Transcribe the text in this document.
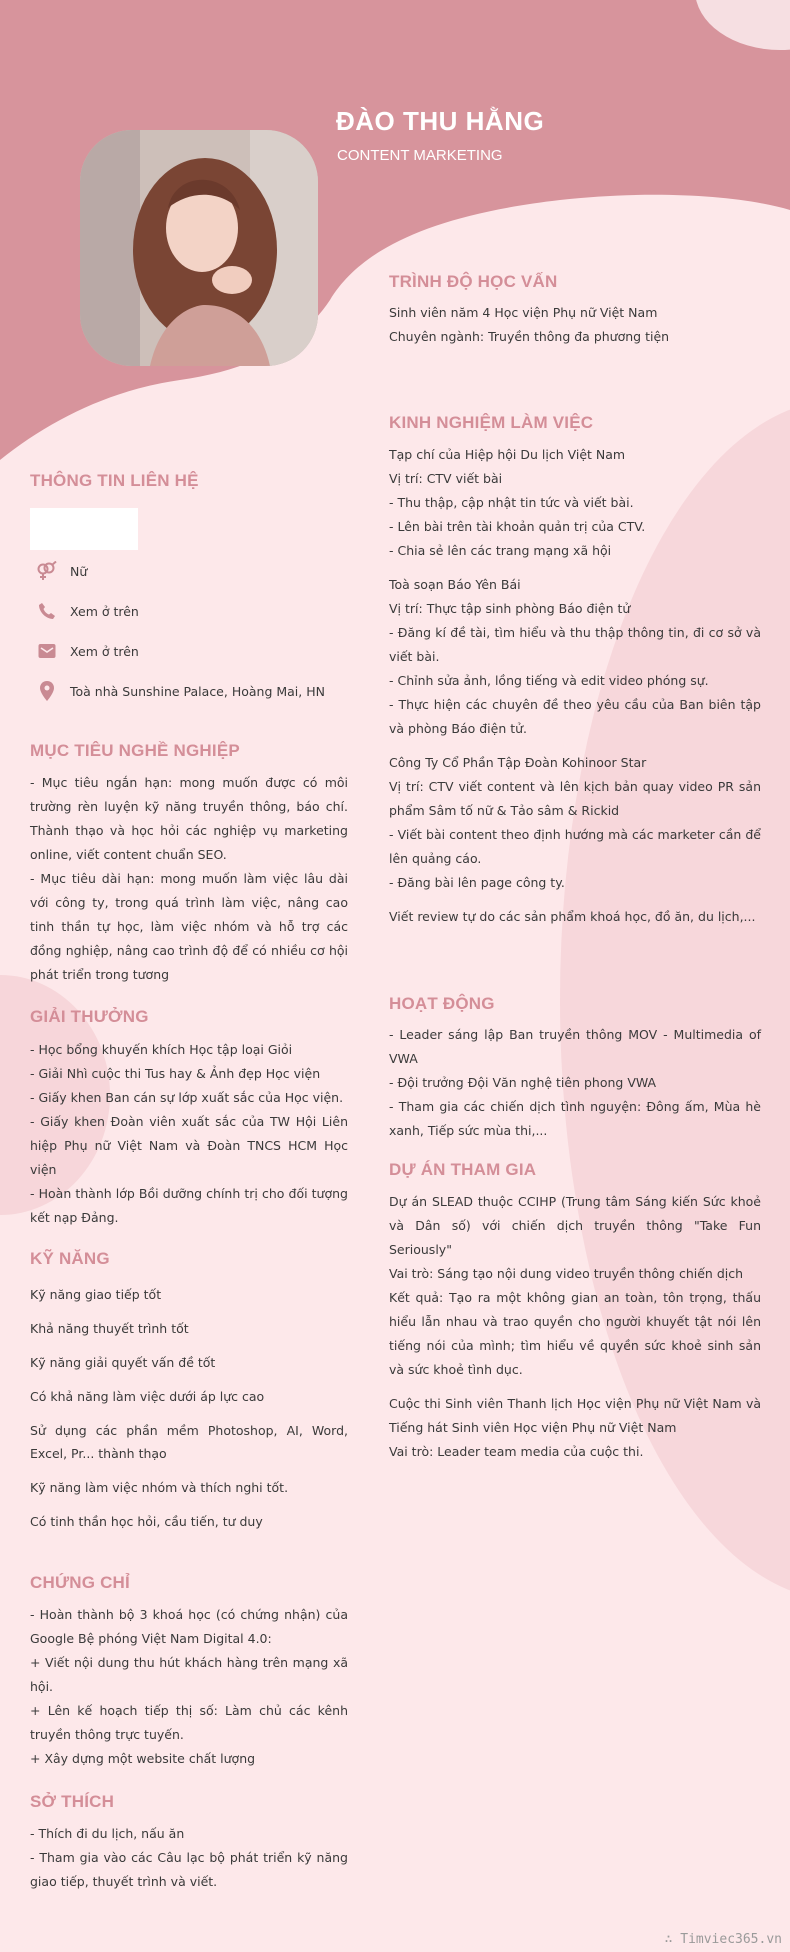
ĐÀO THU HẰNG
CONTENT MARKETING
THÔNG TIN LIÊN HỆ
Nữ
Xem ở trên
Xem ở trên
Toà nhà Sunshine Palace, Hoàng Mai, HN
MỤC TIÊU NGHỀ NGHIỆP

- Mục tiêu ngắn hạn: mong muốn được có môi trường rèn luyện kỹ năng truyền thông, báo chí. Thành thạo và học hỏi các nghiệp vụ marketing online, viết content chuẩn SEO.

- Mục tiêu dài hạn: mong muốn làm việc lâu dài với công ty, trong quá trình làm việc, nâng cao tinh thần tự học, làm việc nhóm và hỗ trợ các đồng nghiệp, nâng cao trình độ để có nhiều cơ hội phát triển trong tương

GIẢI THƯỞNG

- Học bổng khuyến khích Học tập loại Giỏi

- Giải Nhì cuộc thi Tus hay & Ảnh đẹp Học viện

- Giấy khen Ban cán sự lớp xuất sắc của Học viện.

- Giấy khen Đoàn viên xuất sắc của TW Hội Liên hiệp Phụ nữ Việt Nam và Đoàn TNCS HCM Học viện

- Hoàn thành lớp Bồi dưỡng chính trị cho đối tượng kết nạp Đảng.

KỸ NĂNG
Kỹ năng giao tiếp tốt
Khả năng thuyết trình tốt
Kỹ năng giải quyết vấn đề tốt
Có khả năng làm việc dưới áp lực cao
Sử dụng các phần mềm Photoshop, AI, Word, Excel, Pr... thành thạo
Kỹ năng làm việc nhóm và thích nghi tốt.
Có tinh thần học hỏi, cầu tiến, tư duy
CHỨNG CHỈ

- Hoàn thành bộ 3 khoá học (có chứng nhận) của Google Bệ phóng Việt Nam Digital 4.0:

+ Viết nội dung thu hút khách hàng trên mạng xã hội.

+ Lên kế hoạch tiếp thị số: Làm chủ các kênh truyền thông trực tuyến.

+ Xây dựng một website chất lượng

SỞ THÍCH

- Thích đi du lịch, nấu ăn

- Tham gia vào các Câu lạc bộ phát triển kỹ năng giao tiếp, thuyết trình và viết.

TRÌNH ĐỘ HỌC VẤN

Sinh viên năm 4 Học viện Phụ nữ Việt Nam

Chuyên ngành: Truyền thông đa phương tiện

KINH NGHIỆM LÀM VIỆC

Tạp chí của Hiệp hội Du lịch Việt Nam

Vị trí: CTV viết bài

- Thu thập, cập nhật tin tức và viết bài.

- Lên bài trên tài khoản quản trị của CTV.

- Chia sẻ lên các trang mạng xã hội

Toà soạn Báo Yên Bái

Vị trí: Thực tập sinh phòng Báo điện tử

- Đăng kí đề tài, tìm hiểu và thu thập thông tin, đi cơ sở và viết bài.

- Chỉnh sửa ảnh, lồng tiếng và edit video phóng sự.

- Thực hiện các chuyên đề theo yêu cầu của Ban biên tập và phòng Báo điện tử.

Công Ty Cổ Phần Tập Đoàn Kohinoor Star

Vị trí: CTV viết content và lên kịch bản quay video PR sản phẩm Sâm tố nữ & Tảo sâm & Rickid

- Viết bài content theo định hướng mà các marketer cần để lên quảng cáo.

- Đăng bài lên page công ty.

Viết review tự do các sản phẩm khoá học, đồ ăn, du lịch,...

HOẠT ĐỘNG

- Leader sáng lập Ban truyền thông MOV - Multimedia of VWA

- Đội trưởng Đội Văn nghệ tiên phong VWA

- Tham gia các chiến dịch tình nguyện: Đông ấm, Mùa hè xanh, Tiếp sức mùa thi,...

DỰ ÁN THAM GIA

Dự án SLEAD thuộc CCIHP (Trung tâm Sáng kiến Sức khoẻ và Dân số) với chiến dịch truyền thông "Take Fun Seriously"

Vai trò: Sáng tạo nội dung video truyền thông chiến dịch

Kết quả: Tạo ra một không gian an toàn, tôn trọng, thấu hiểu lẫn nhau và trao quyền cho người khuyết tật nói lên tiếng nói của mình; tìm hiểu về quyền sức khoẻ sinh sản và sức khoẻ tình dục.

Cuộc thi Sinh viên Thanh lịch Học viện Phụ nữ Việt Nam và Tiếng hát Sinh viên Học viện Phụ nữ Việt Nam

Vai trò: Leader team media của cuộc thi.

∴ Timviec365.vn
